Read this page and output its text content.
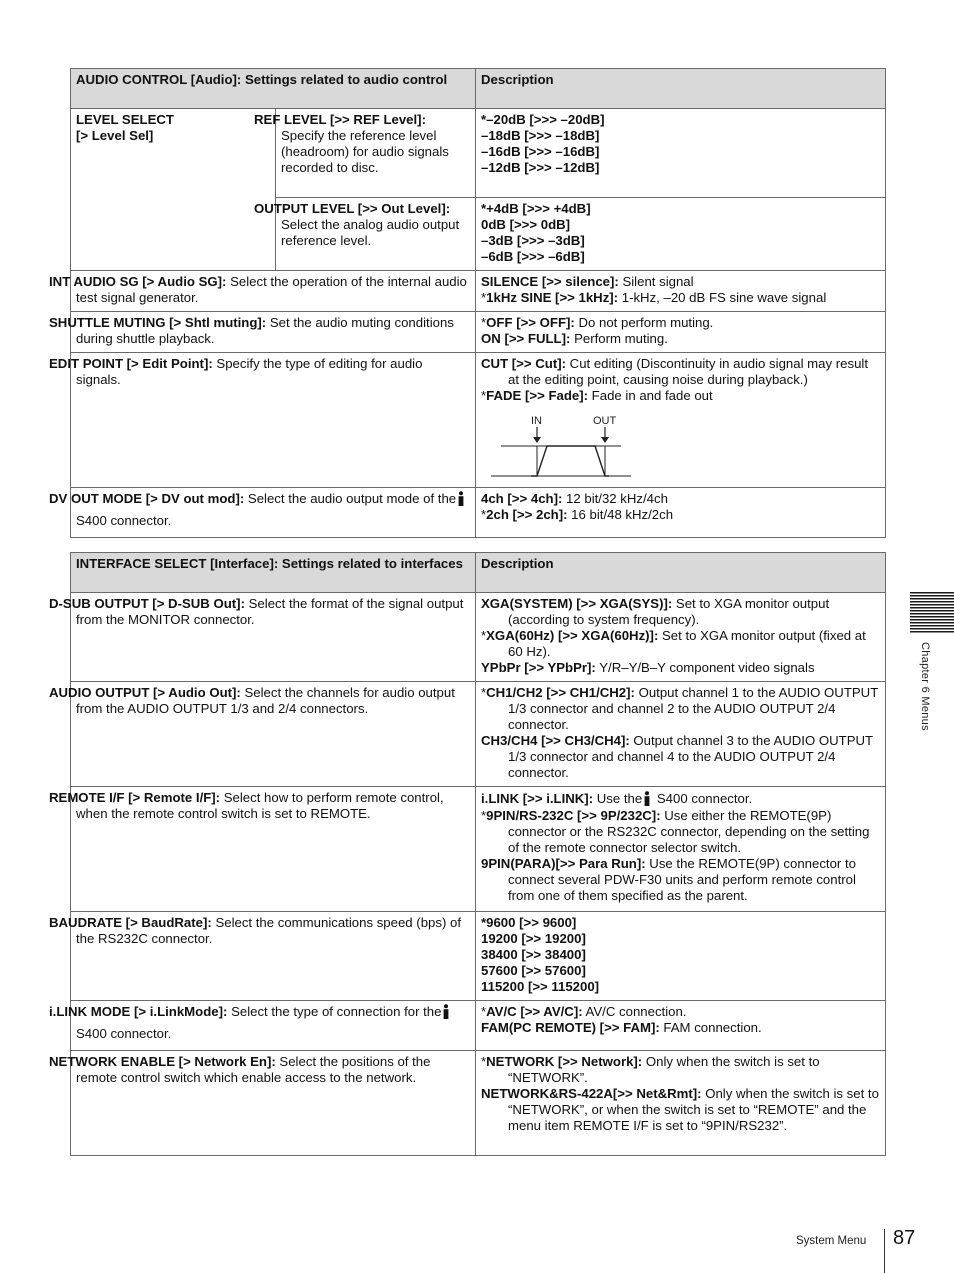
AUDIO CONTROL [Audio]: Settings related to audio control		Description

LEVEL SELECT
[> Level Sel]	REF LEVEL [>> REF Level]: Specify the reference level (headroom) for audio signals recorded to disc.	*–20dB [>>> –20dB]
–18dB [>>> –18dB]
–16dB [>>> –16dB]
–12dB [>>> –12dB]

	OUTPUT LEVEL [>> Out Level]: Select the analog audio output reference level.	*+4dB [>>> +4dB]
0dB [>>> 0dB]
–3dB [>>> –3dB]
–6dB [>>> –6dB]

INT AUDIO SG [> Audio SG]: Select the operation of the internal audio test signal generator.		SILENCE [>> silence]: Silent signal
*1kHz SINE [>> 1kHz]: 1-kHz, –20 dB FS sine wave signal

SHUTTLE MUTING [> Shtl muting]: Set the audio muting conditions during shuttle playback.		*OFF [>> OFF]: Do not perform muting.
ON [>> FULL]: Perform muting.

EDIT POINT [> Edit Point]: Specify the type of editing for audio signals.		CUT [>> Cut]: Cut editing (Discontinuity in audio signal may result at the editing point, causing noise during playback.)
*FADE [>> Fade]: Fade in and fade out
IN OUT

DV OUT MODE [> DV out mod]: Select the audio output mode of the
S400 connector.		4ch [>> 4ch]: 12 bit/32 kHz/4ch
*2ch [>> 2ch]: 16 bit/48 kHz/2ch
INTERFACE SELECT [Interface]: Settings related to interfaces	Description
D-SUB OUTPUT [> D-SUB Out]: Select the format of the signal output from the MONITOR connector.	XGA(SYSTEM) [>> XGA(SYS)]: Set to XGA monitor output (according to system frequency).
*XGA(60Hz) [>> XGA(60Hz)]: Set to XGA monitor output (fixed at 60 Hz).
YPbPr [>> YPbPr]: Y/R–Y/B–Y component video signals

AUDIO OUTPUT [> Audio Out]: Select the channels for audio output from the AUDIO OUTPUT 1/3 and 2/4 connectors.	*CH1/CH2 [>> CH1/CH2]: Output channel 1 to the AUDIO OUTPUT 1/3 connector and channel 2 to the AUDIO OUTPUT 2/4 connector.
CH3/CH4 [>> CH3/CH4]: Output channel 3 to the AUDIO OUTPUT 1/3 connector and channel 4 to the AUDIO OUTPUT 2/4 connector.

REMOTE I/F [> Remote I/F]: Select how to perform remote control, when the remote control switch is set to REMOTE.	i.LINK [>> i.LINK]: Use the
S400 connector.
*9PIN/RS-232C [>> 9P/232C]: Use either the REMOTE(9P) connector or the RS232C connector, depending on the setting of the remote connector selector switch.
9PIN(PARA)[>> Para Run]: Use the REMOTE(9P) connector to connect several PDW-F30 units and perform remote control from one of them specified as the parent.

BAUDRATE [> BaudRate]: Select the communications speed (bps) of the RS232C connector.	*9600 [>> 9600]
19200 [>> 19200]
38400 [>> 38400]
57600 [>> 57600]
115200 [>> 115200]

i.LINK MODE [> i.LinkMode]: Select the type of connection for the
S400 connector.	*AV/C [>> AV/C]: AV/C connection.
FAM(PC REMOTE) [>> FAM]: FAM connection.

NETWORK ENABLE [> Network En]: Select the positions of the remote control switch which enable access to the network.	*NETWORK [>> Network]: Only when the switch is set to “NETWORK”.
NETWORK&RS-422A[>> Net&Rmt]: Only when the switch is set to “NETWORK”, or when the switch is set to “REMOTE” and the menu item REMOTE I/F is set to “9PIN/RS232”.
Chapter 6 Menus
System Menu 87
